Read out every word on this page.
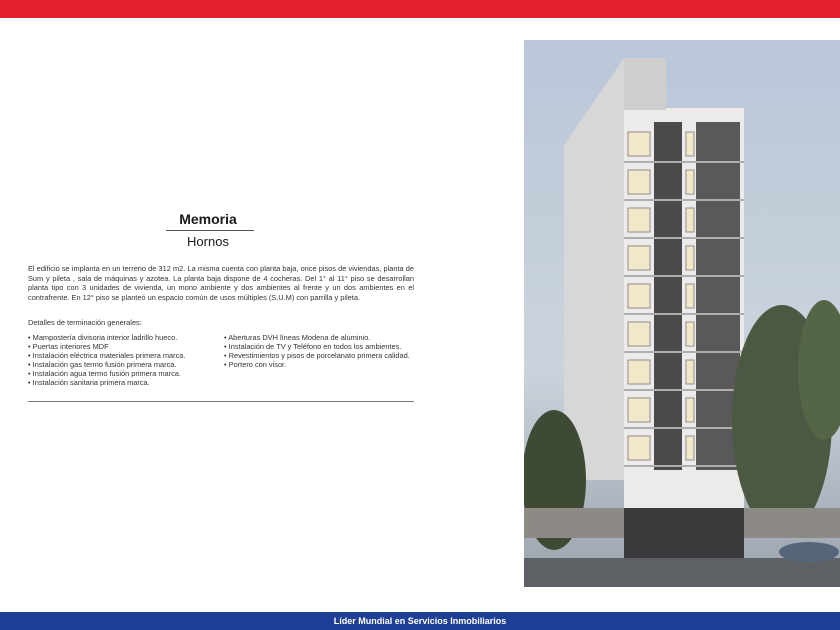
Memoria
Hornos

El edificio se implanta en un terreno de 312 m2. La misma cuenta con planta baja, once pisos de viviendas, planta de Sum y pileta , sala de máquinas y azotea. La planta baja dispone de 4 cocheras. Del 1° al 11° piso se desarrollan planta tipo con 3 unidades de vivienda, un mono ambiente y dos ambientes al frente y un dos ambientes en el contrafrente. En 12° piso se planteó un espacio común de usos múltiples (S.U.M) con parrilla y pileta.

Detalles de terminación generales:
• Mampostería divisoria interior ladrillo hueco.
• Puertas interiores MDF
• Instalación eléctrica materiales primera marca.
• Instalación gas termo fusión primera marca.
• Instalación agua termo fusión primera marca.
• Instalación sanitaria primera marca.
• Aberturas DVH líneas Modena de aluminio.
• Instalación de TV y Teléfono en todos los ambientes.
• Revestimientos y pisos de porcelanato primera calidad.
• Portero con visor.
Líder Mundial en Servicios Inmobiliarios
